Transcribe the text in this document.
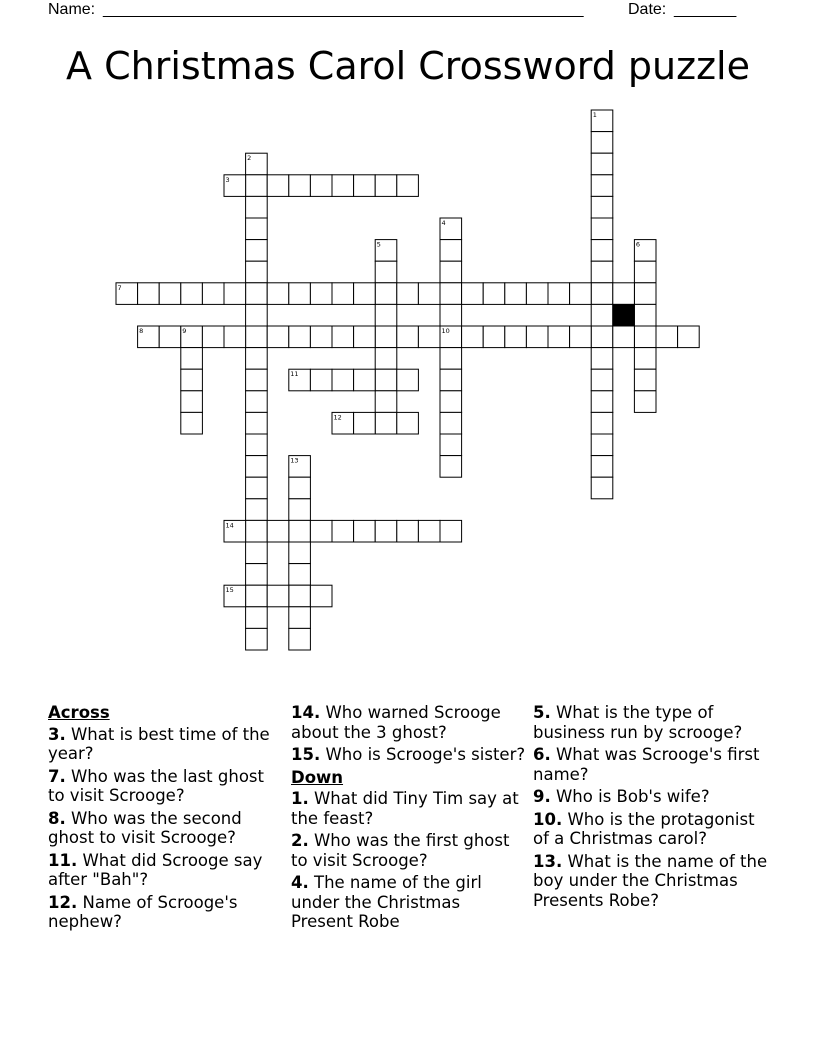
Name: ______________________________________________________	Date: _______
A Christmas Carol Crossword puzzle
1
2
3
4
5	6
7
8	9	10
11
12
13
14
15
Across
3. What is best time of the year?
7. Who was the last ghost to visit Scrooge?
8. Who was the second ghost to visit Scrooge?
11. What did Scrooge say after "Bah"?
12. Name of Scrooge's nephew?
14. Who warned Scrooge about the 3 ghost?
15. Who is Scrooge's sister?
Down
1. What did Tiny Tim say at the feast?
2. Who was the first ghost to visit Scrooge?
4. The name of the girl under the Christmas Present Robe
5. What is the type of business run by scrooge?
6. What was Scrooge's first name?
9. Who is Bob's wife?
10. Who is the protagonist of a Christmas carol?
13. What is the name of the boy under the Christmas Presents Robe?
